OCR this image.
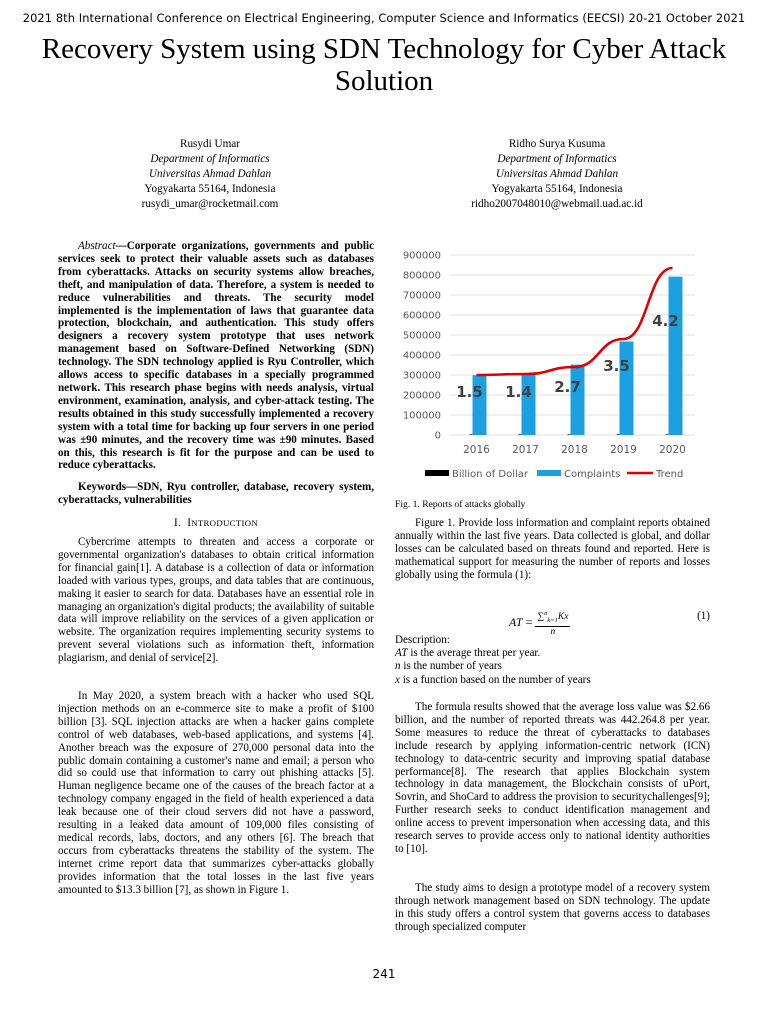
2021 8th International Conference on Electrical Engineering, Computer Science and Informatics (EECSI) 20-21 October 2021
Recovery System using SDN Technology for Cyber Attack Solution
Rusydi Umar
Department of Informatics
Universitas Ahmad Dahlan
Yogyakarta 55164, Indonesia
rusydi_umar@rocketmail.com
Ridho Surya Kusuma
Department of Informatics
Universitas Ahmad Dahlan
Yogyakarta 55164, Indonesia
ridho2007048010@webmail.uad.ac.id

Abstract—Corporate organizations, governments and public services seek to protect their valuable assets such as databases from cyberattacks. Attacks on security systems allow breaches, theft, and manipulation of data. Therefore, a system is needed to reduce vulnerabilities and threats. The security model implemented is the implementation of laws that guarantee data protection, blockchain, and authentication. This study offers designers a recovery system prototype that uses network management based on Software-Defined Networking (SDN) technology. The SDN technology applied is Ryu Controller, which allows access to specific databases in a specially programmed network. This research phase begins with needs analysis, virtual environment, examination, analysis, and cyber-attack testing. The results obtained in this study successfully implemented a recovery system with a total time for backing up four servers in one period was ±90 minutes, and the recovery time was ±90 minutes. Based on this, this research is fit for the purpose and can be used to reduce cyberattacks.

Keywords—SDN, Ryu controller, database, recovery system, cyberattacks, vulnerabilities

I. INTRODUCTION

Cybercrime attempts to threaten and access a corporate or governmental organization's databases to obtain critical information for financial gain[1]. A database is a collection of data or information loaded with various types, groups, and data tables that are continuous, making it easier to search for data. Databases have an essential role in managing an organization's digital products; the availability of suitable data will improve reliability on the services of a given application or website. The organization requires implementing security systems to prevent several violations such as information theft, information plagiarism, and denial of service[2].

In May 2020, a system breach with a hacker who used SQL injection methods on an e-commerce site to make a profit of $100 billion [3]. SQL injection attacks are when a hacker gains complete control of web databases, web-based applications, and systems [4]. Another breach was the exposure of 270,000 personal data into the public domain containing a customer's name and email; a person who did so could use that information to carry out phishing attacks [5]. Human negligence became one of the causes of the breach factor at a technology company engaged in the field of health experienced a data leak because one of their cloud servers did not have a password, resulting in a leaked data amount of 109,000 files consisting of medical records, labs, doctors, and any others [6]. The breach that occurs from cyberattacks threatens the stability of the system. The internet crime report data that summarizes cyber-attacks globally provides information that the total losses in the last five years amounted to $13.3 billion [7], as shown in Figure 1.

0
100000
200000
300000
400000
500000
600000
700000
800000
900000
2016 2017 2018 2019 2020
1.5 1.4 2.7
3.5
4.2
Billion of Dollar	Complaints	Trend
Fig. 1. Reports of attacks globally

Figure 1. Provide loss information and complaint reports obtained annually within the last five years. Data collected is global, and dollar losses can be calculated based on threats found and reported. Here is mathematical support for measuring the number of reports and losses globally using the formula (1):

AT = $\frac{\sum^n_{k=1}Kx}{n}$	(1)
Description:
AT is the average threat per year.
n is the number of years
x is a function based on the number of years

The formula results showed that the average loss value was $2.66 billion, and the number of reported threats was 442.264.8 per year. Some measures to reduce the threat of cyberattacks to databases include research by applying information-centric network (ICN) technology to data-centric security and improving spatial database performance[8]. The research that applies Blockchain system technology in data management, the Blockchain consists of uPort, Sovrin, and ShoCard to address the provision to securitychallenges[9]; Further research seeks to conduct identification management and online access to prevent impersonation when accessing data, and this research serves to provide access only to national identity authorities to [10].

The study aims to design a prototype model of a recovery system through network management based on SDN technology. The update in this study offers a control system that governs access to databases through specialized computer

241
